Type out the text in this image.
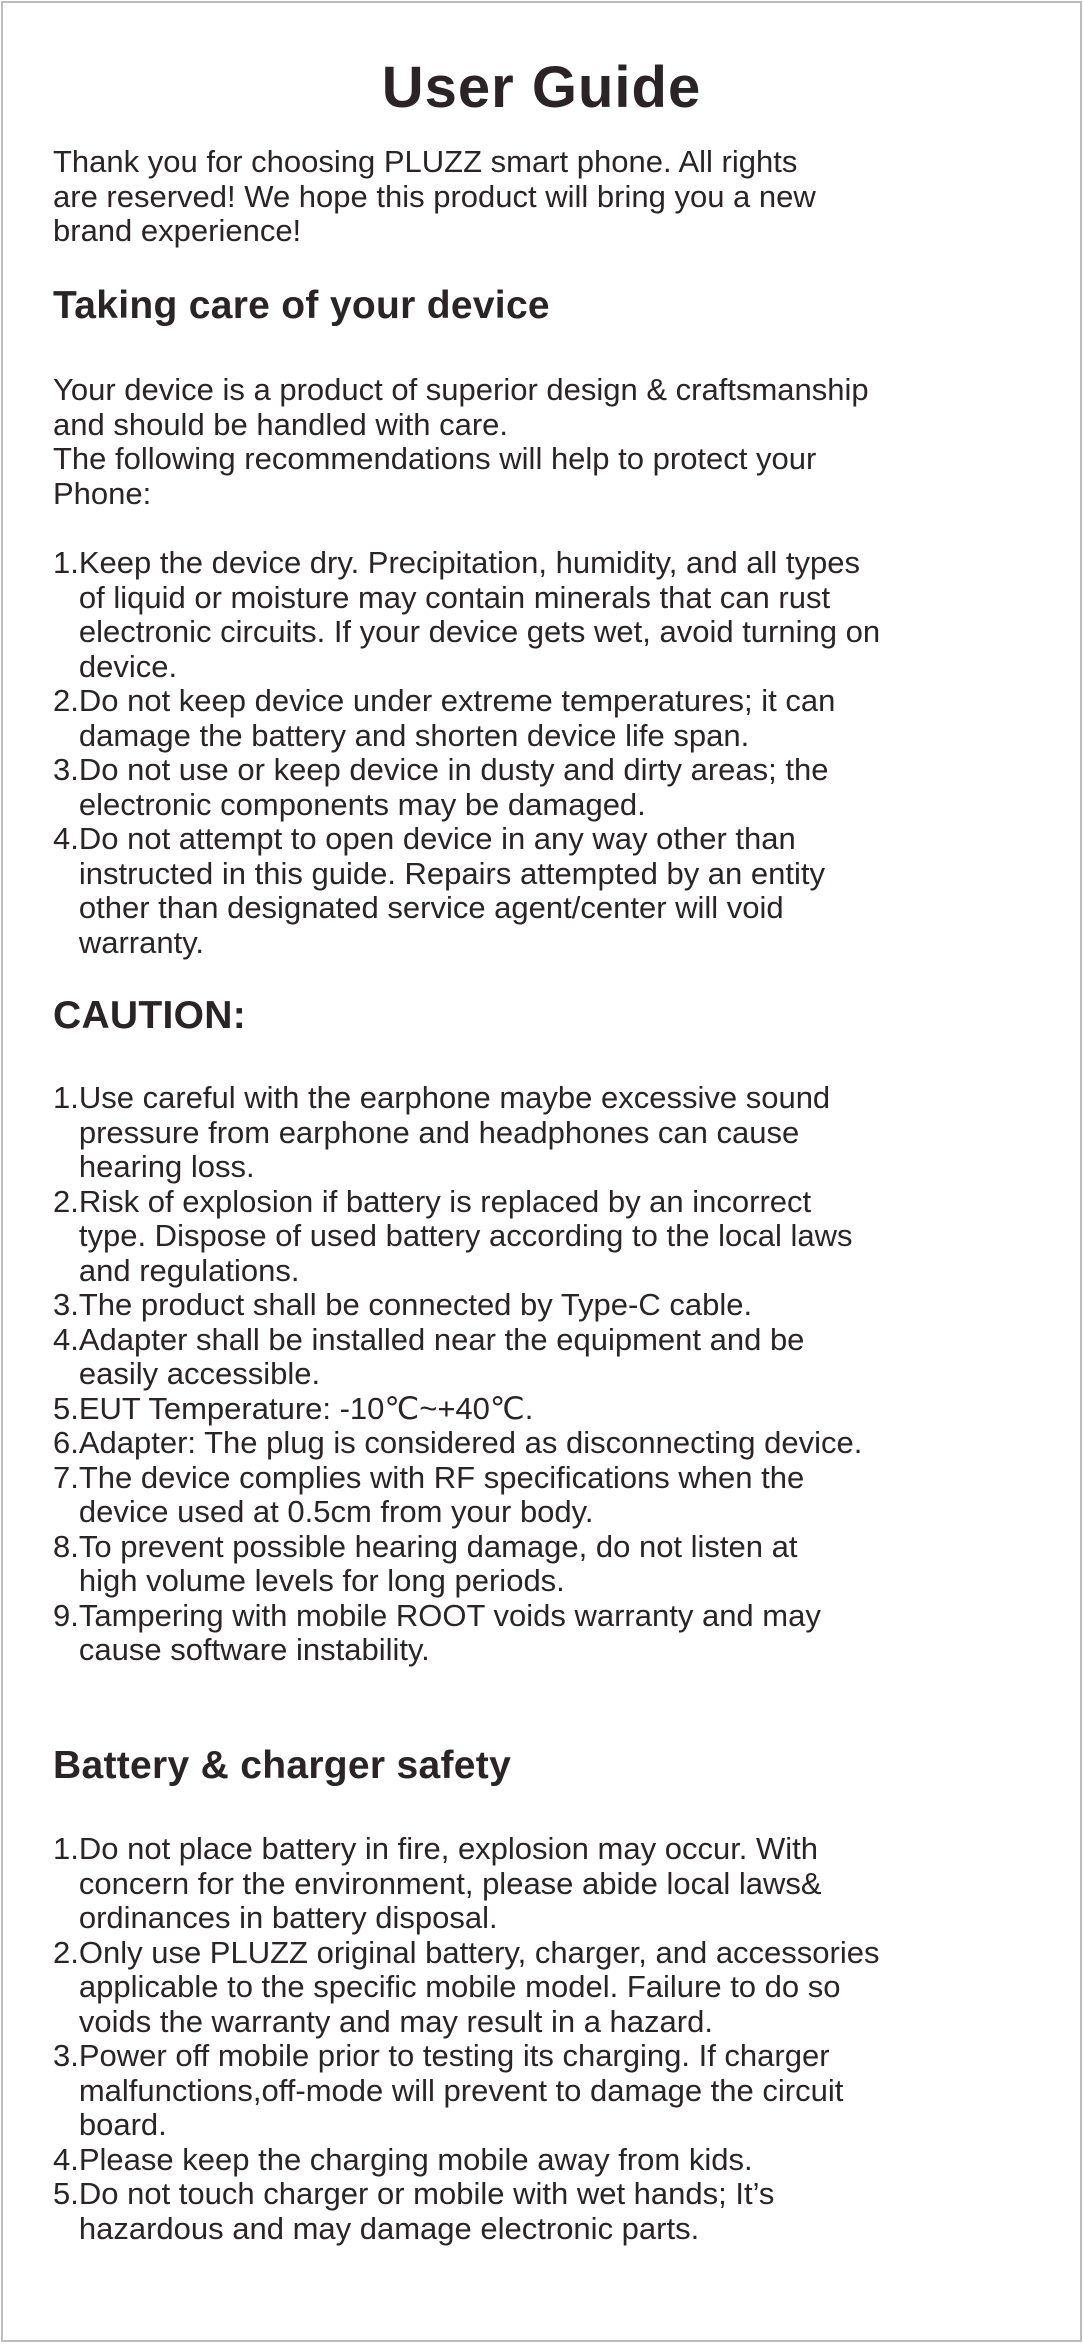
User Guide

Thank you for choosing PLUZZ smart phone. All rights
are reserved! We hope this product will bring you a new
brand experience!

Taking care of your device

Your device is a product of superior design & craftsmanship
and should be handled with care.
The following recommendations will help to protect your
Phone:

1. Keep the device dry. Precipitation, humidity, and all types
of liquid or moisture may contain minerals that can rust
electronic circuits. If your device gets wet, avoid turning on
device.
2. Do not keep device under extreme temperatures; it can
damage the battery and shorten device life span.
3. Do not use or keep device in dusty and dirty areas; the
electronic components may be damaged.
4. Do not attempt to open device in any way other than
instructed in this guide. Repairs attempted by an entity
other than designated service agent/center will void
warranty.
CAUTION:
1. Use careful with the earphone maybe excessive sound
pressure from earphone and headphones can cause
hearing loss.
2. Risk of explosion if battery is replaced by an incorrect
type. Dispose of used battery according to the local laws
and regulations.
3. The product shall be connected by Type-C cable.
4. Adapter shall be installed near the equipment and be
easily accessible.
5. EUT Temperature: -10℃~+40℃.
6. Adapter: The plug is considered as disconnecting device.
7. The device complies with RF specifications when the
device used at 0.5cm from your body.
8. To prevent possible hearing damage, do not listen at
high volume levels for long periods.
9. Tampering with mobile ROOT voids warranty and may
cause software instability.
Battery & charger safety
1. Do not place battery in fire, explosion may occur. With
concern for the environment, please abide local laws&
ordinances in battery disposal.
2. Only use PLUZZ original battery, charger, and accessories
applicable to the specific mobile model. Failure to do so
voids the warranty and may result in a hazard.
3. Power off mobile prior to testing its charging. If charger
malfunctions,off-mode will prevent to damage the circuit
board.
4. Please keep the charging mobile away from kids.
5. Do not touch charger or mobile with wet hands; It’s
hazardous and may damage electronic parts.
